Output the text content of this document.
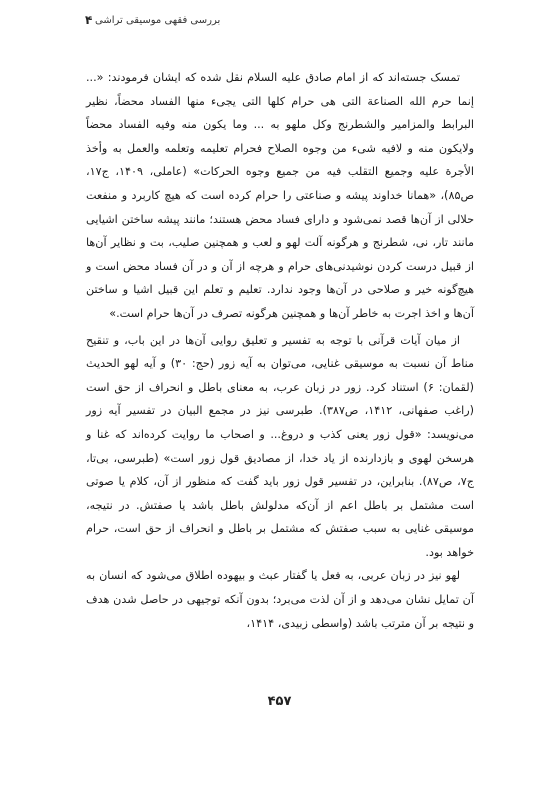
۴ بررسی فقهی موسیقی تراشی

تمسک جسته‌اند که از امام صادق علیه السلام نقل شده که ایشان فرمودند: «... إنما حرم الله الصناعة التی هی حرام کلها التی یجیء منها الفساد محضاً، نظیر البرابط والمزامیر والشطرنج وکل ملهو به ... وما یکون منه وفیه الفساد محضاً ولایکون منه و لافیه شیء من وجوه الصلاح فحرام تعلیمه وتعلمه والعمل به وأخذ الأجرة علیه وجمیع التقلب فیه من جمیع وجوه الحرکات» (عاملی، ۱۴۰۹، ج۱۷، ص۸۵)، «همانا خداوند پیشه و صناعتی را حرام کرده است که هیچ کاربرد و منفعت حلالی از آن‌ها قصد نمی‌شود و دارای فساد محض هستند؛ مانند پیشه ساختن اشیایی مانند تار، نی، شطرنج و هرگونه آلت لهو و لعب و همچنین صلیب، بت و نظایر آن‌ها از قبیل درست کردن نوشیدنی‌های حرام و هرچه از آن و در آن فساد محض است و هیچ‌گونه خیر و صلاحی در آن‌ها وجود ندارد. تعلیم و تعلم این قبیل اشیا و ساختن آن‌ها و اخذ اجرت به خاطر آن‌ها و همچنین هرگونه تصرف در آن‌ها حرام است.»

از میان آیات قرآنی با توجه به تفسیر و تعلیق روایی آن‌ها در این باب، و تنقیح مناط آن نسبت به موسیقی غنایی، می‌توان به آیه زور (حج: ۳۰) و آیه لهو الحدیث (لقمان: ۶) استناد کرد. زور در زبان عرب، به معنای باطل و انحراف از حق است (راغب صفهانی، ۱۴۱۲، ص۳۸۷). طبرسی نیز در مجمع البیان در تفسیر آیه زور می‌نویسد: «قول زور یعنی کذب و دروغ... و اصحاب ما روایت کرده‌اند که غنا و هرسخن لهوی و بازدارنده از یاد خدا، از مصادیق قول زور است» (طبرسی، بی‌تا، ج۷، ص۸۷). بنابراین، در تفسیر قول زور باید گفت که منظور از آن، کلام یا صوتی است مشتمل بر باطل اعم از آن‌که مدلولش باطل باشد یا صفتش. در نتیجه، موسیقی غنایی به سبب صفتش که مشتمل بر باطل و انحراف از حق است، حرام خواهد بود.

لهو نیز در زبان عربی، به فعل یا گفتار عبث و بیهوده اطلاق می‌شود که انسان به آن تمایل نشان می‌دهد و از آن لذت می‌برد؛ بدون آنکه توجیهی در حاصل شدن هدف و نتیجه بر آن مترتب باشد (واسطی زبیدی، ۱۴۱۴،

۴۵۷
